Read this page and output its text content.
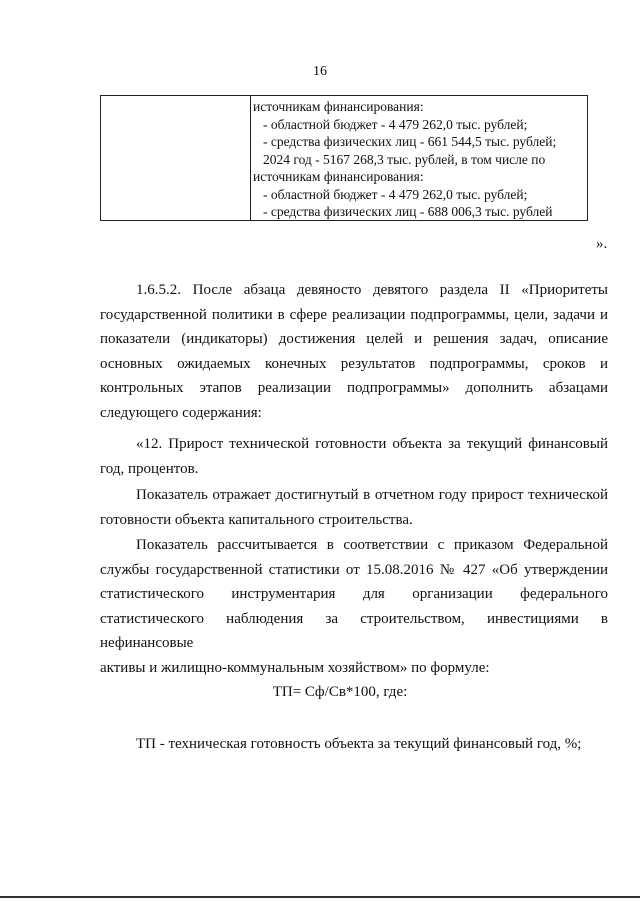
16
источникам финансирования:
- областной бюджет - 4 479 262,0 тыс. рублей;
- средства физических лиц - 661 544,5 тыс. рублей;
2024 год - 5167 268,3 тыс. рублей, в том числе по
источникам финансирования:
- областной бюджет - 4 479 262,0 тыс. рублей;
- средства физических лиц - 688 006,3 тыс. рублей
».
1.6.5.2. После абзаца девяносто девятого раздела II «Приоритеты
государственной политики в сфере реализации подпрограммы, цели, задачи и
показатели (индикаторы) достижения целей и решения задач, описание
основных ожидаемых конечных результатов подпрограммы, сроков и
контрольных этапов реализации подпрограммы» дополнить абзацами
следующего содержания:
«12. Прирост технической готовности объекта за текущий финансовый
год, процентов.
Показатель отражает достигнутый в отчетном году прирост технической
готовности объекта капитального строительства.
Показатель рассчитывается в соответствии с приказом Федеральной
службы государственной статистики от 15.08.2016 № 427 «Об утверждении
статистического инструментария для организации федерального
статистического наблюдения за строительством, инвестициями в нефинансовые
активы и жилищно-коммунальным хозяйством» по формуле:
ТП= Сф/Св*100, где:
ТП - техническая готовность объекта за текущий финансовый год, %;
